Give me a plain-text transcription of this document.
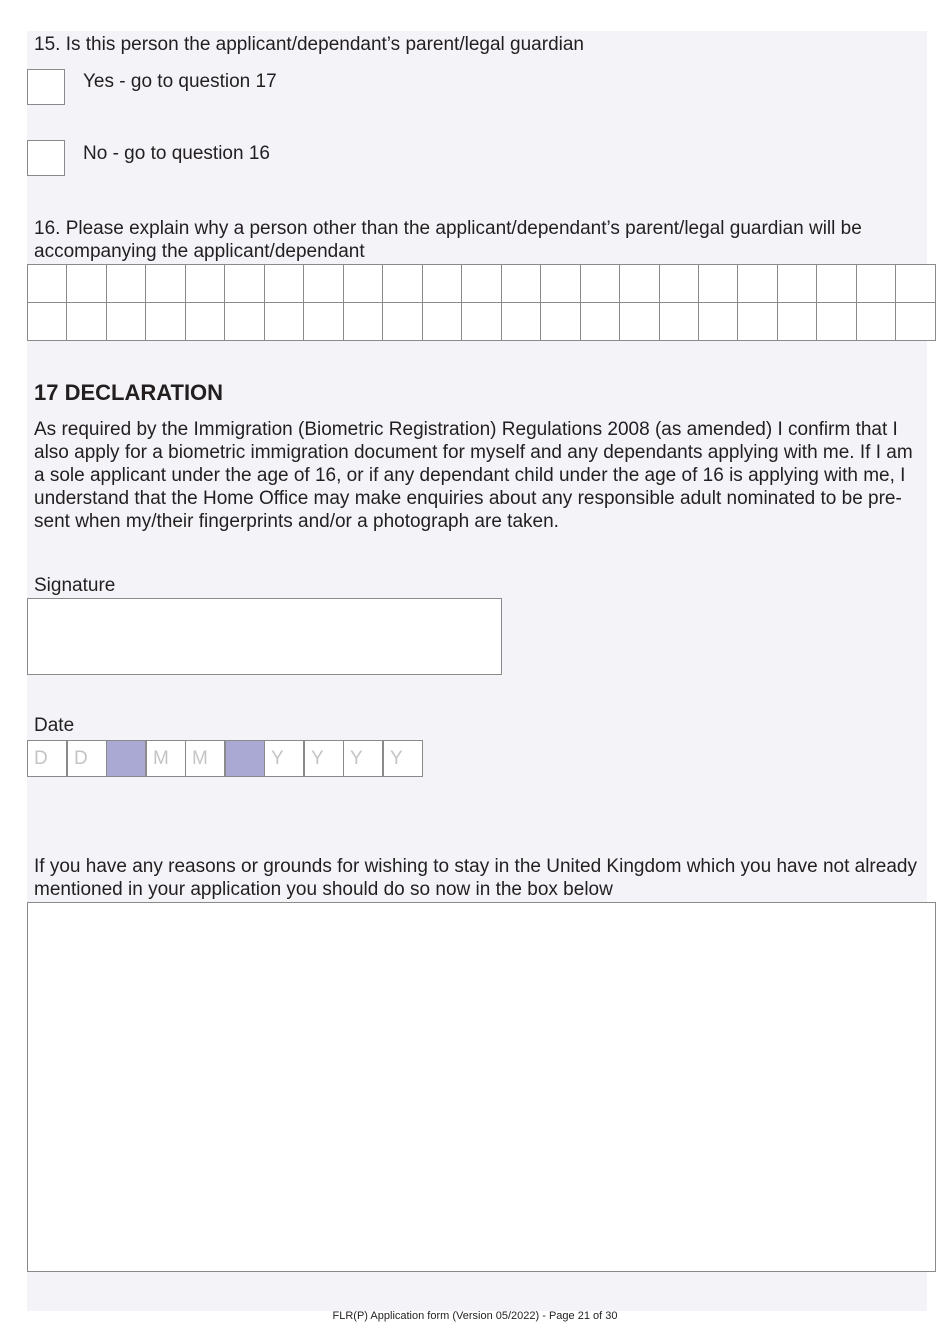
15. Is this person the applicant/dependant’s parent/legal guardian
Yes - go to question 17
No - go to question 16
16. Please explain why a person other than the applicant/dependant’s parent/legal guardian will be
accompanying the applicant/dependant

17 DECLARATION
As required by the Immigration (Biometric Registration) Regulations 2008 (as amended) I confirm that I
also apply for a biometric immigration document for myself and any dependants applying with me. If I am
a sole applicant under the age of 16, or if any dependant child under the age of 16 is applying with me, I
understand that the Home Office may make enquiries about any responsible adult nominated to be pre-
sent when my/their fingerprints and/or a photograph are taken.
Signature
Date
D	D	M	M	Y	Y	Y	Y
If you have any reasons or grounds for wishing to stay in the United Kingdom which you have not already
mentioned in your application you should do so now in the box below
FLR(P) Application form (Version 05/2022) - Page 21 of 30
